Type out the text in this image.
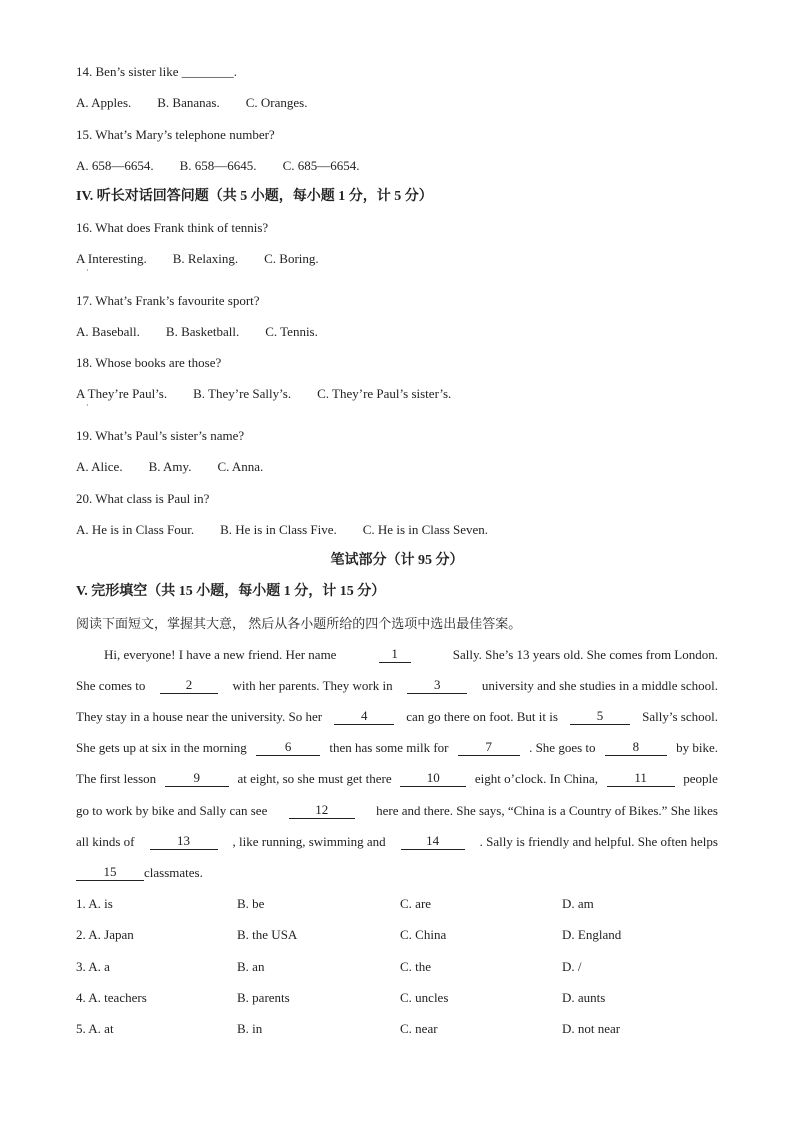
14. Ben’s sister like ________.
A. Apples. B. Bananas. C. Oranges.
15. What’s Mary’s telephone number?
A. 658—6654. B. 658—6645. C. 685—6654.
IV. 听长对话回答问题（共 5 小题，每小题 1 分，计 5 分）
16. What does Frank think of tennis?
A Interesting. B. Relaxing. C. Boring.
·
17. What’s Frank’s favourite sport?
A. Baseball. B. Basketball. C. Tennis.
18. Whose books are those?
A They’re Paul’s. B. They’re Sally’s. C. They’re Paul’s sister’s.
·
19. What’s Paul’s sister’s name?
A. Alice. B. Amy. C. Anna.
20. What class is Paul in?
A. He is in Class Four. B. He is in Class Five. C. He is in Class Seven.
笔试部分（计 95 分）
V. 完形填空（共 15 小题，每小题 1 分，计 15 分）
阅读下面短文，掌握其大意， 然后从各小题所给的四个选项中选出最佳答案。
Hi, everyone! I have a new friend. Her name	1	Sally. She’s 13 years old. She comes from London.
She comes to	2	with her parents. They work in	3	university and she studies in a middle school.
They stay in a house near the university. So her	4	can go there on foot. But it is	5	Sally’s school.
She gets up at six in the morning	6	then has some milk for	7	. She goes to	8	by bike.
The first lesson	9	at eight, so she must get there	10	eight o’clock. In China,	11	people
go to work by bike and Sally can see	12	here and there. She says, “China is a Country of Bikes.” She likes
all kinds of	13	, like running, swimming and	14	. Sally is friendly and helpful. She often helps
15	classmates.
1. A. is	B. be	C. are	D. am
2. A. Japan	B. the USA	C. China	D. England
3. A. a	B. an	C. the	D. /
4. A. teachers	B. parents	C. uncles	D. aunts
5. A. at	B. in	C. near	D. not near
